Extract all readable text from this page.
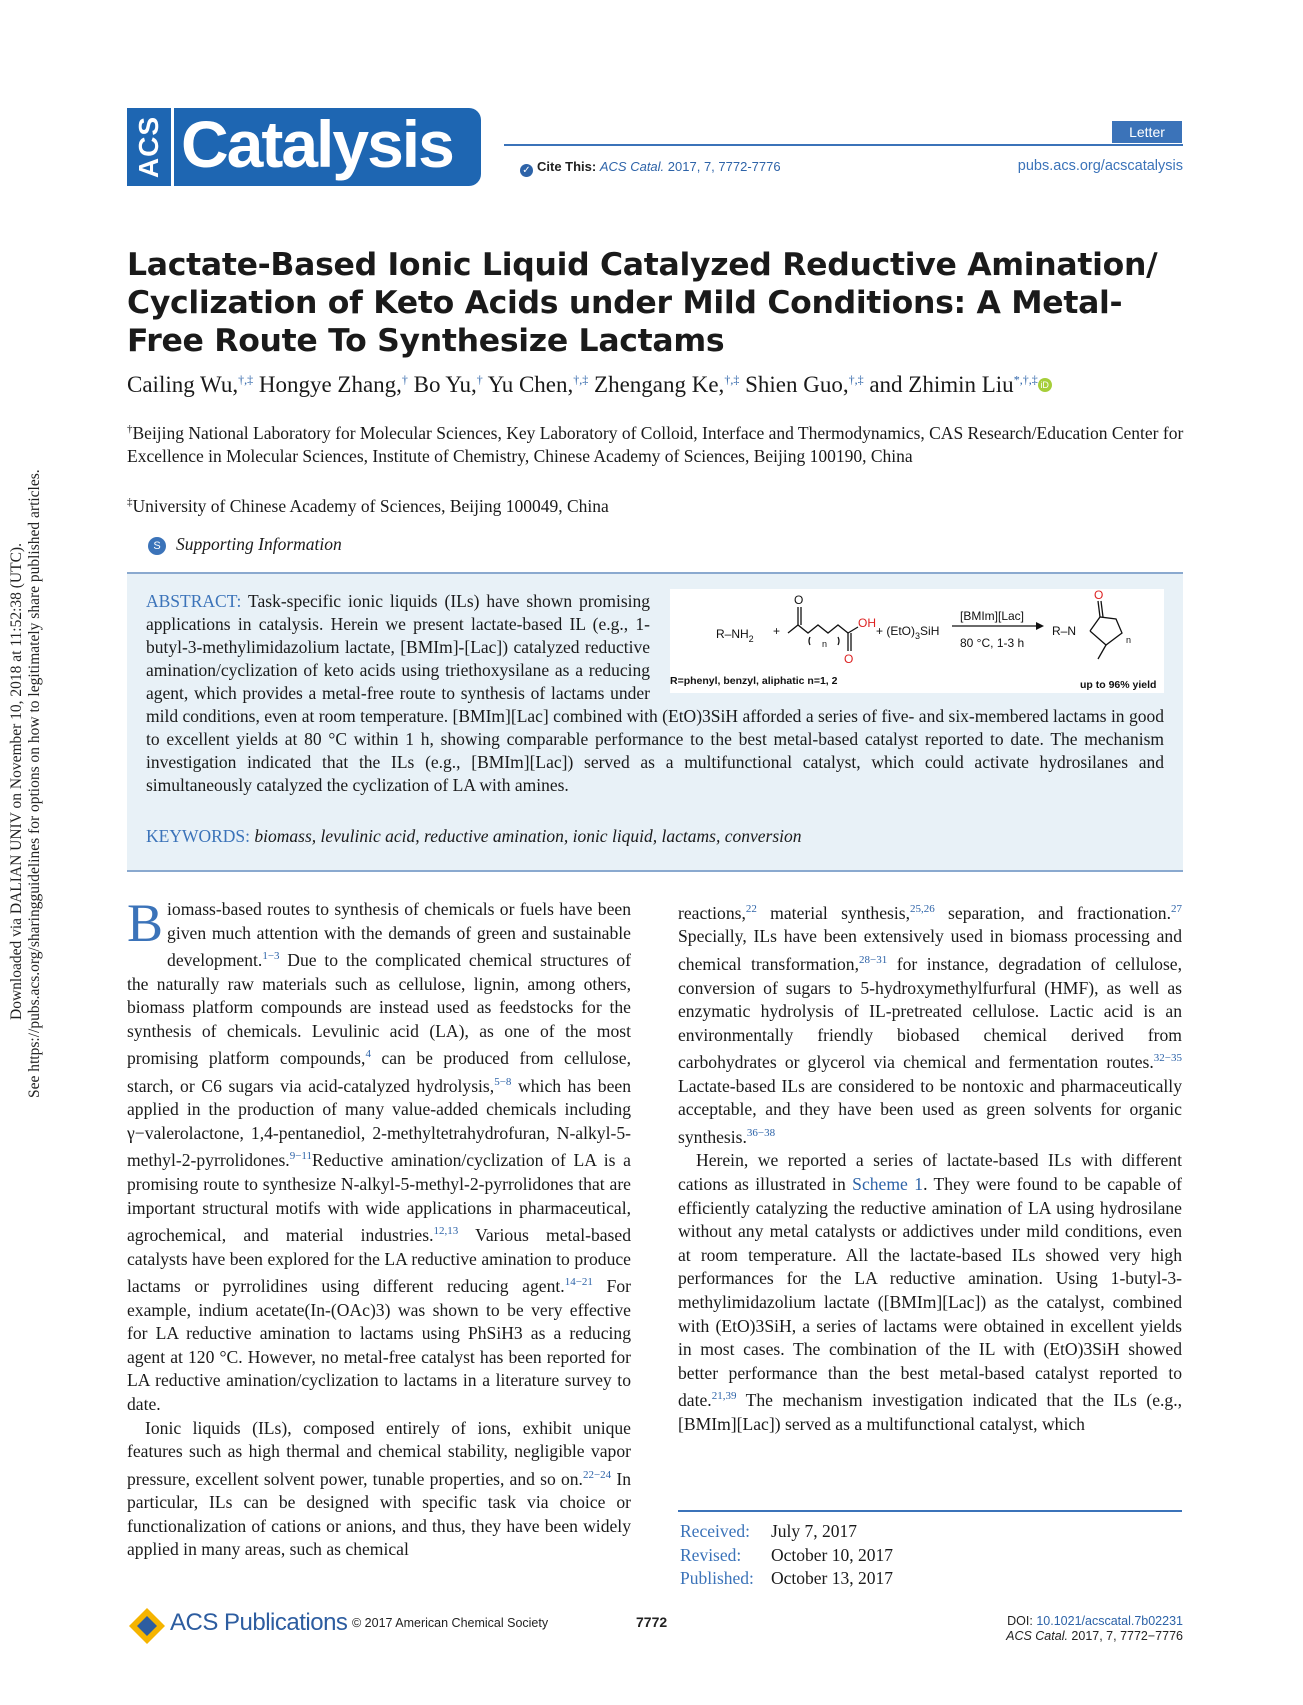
Downloaded via DALIAN UNIV on November 10, 2018 at 11:52:38 (UTC). See https://pubs.acs.org/sharingguidelines for options on how to legitimately share published articles.
ACS Catalysis	Letter
✓ Cite This: ACS Catal. 2017, 7, 7772-7776	pubs.acs.org/acscatalysis
Lactate-Based Ionic Liquid Catalyzed Reductive Amination/ Cyclization of Keto Acids under Mild Conditions: A Metal-Free Route To Synthesize Lactams
Cailing Wu,†,‡ Hongye Zhang,† Bo Yu,† Yu Chen,†,‡ Zhengang Ke,†,‡ Shien Guo,†,‡ and Zhimin Liu*,†,‡ iD
†Beijing National Laboratory for Molecular Sciences, Key Laboratory of Colloid, Interface and Thermodynamics, CAS Research/Education Center for Excellence in Molecular Sciences, Institute of Chemistry, Chinese Academy of Sciences, Beijing 100190, China
‡University of Chinese Academy of Sciences, Beijing 100049, China
S Supporting Information
ABSTRACT: Task-specific ionic liquids (ILs) have shown promising applications in catalysis. Herein we present lactate-based IL (e.g., 1-butyl-3-methylimidazolium lactate, [BMIm]-[Lac]) catalyzed reductive amination/cyclization of keto acids using triethoxysilane as a reducing agent, which provides a metal-free route to synthesis of lactams under mild conditions, even at room temperature. [BMIm][Lac] combined with (EtO)3SiH afforded a series of five- and six-membered lactams in good to excellent yields at 80 °C within 1 h, showing comparable performance to the best metal-based catalyst reported to date. The mechanism investigation indicated that the ILs (e.g., [BMIm][Lac]) served as a multifunctional catalyst, which could activate hydrosilanes and simultaneously catalyzed the cyclization of LA with amines.
KEYWORDS: biomass, levulinic acid, reductive amination, ionic liquid, lactams, conversion
$R-NH_2$
+
O
O
OH
n
+ $(EtO)_3SiH$
[BMIm][Lac]
80 °C, 1-3 h
R–N
O
n
R=phenyl, benzyl, aliphatic n=1, 2	up to 96% yield

Biomass-based routes to synthesis of chemicals or fuels have been given much attention with the demands of green and sustainable development.$^{1-3}$ Due to the complicated chemical structures of the naturally raw materials such as cellulose, lignin, among others, biomass platform compounds are instead used as feedstocks for the synthesis of chemicals. Levulinic acid (LA), as one of the most promising platform compounds,$^4$ can be produced from cellulose, starch, or C6 sugars via acid-catalyzed hydrolysis,$^{5-8}$ which has been applied in the production of many value-added chemicals including γ−valerolactone, 1,4-pentanediol, 2-methyltetrahydrofuran, N-alkyl-5-methyl-2-pyrrolidones.$^{9-11}$Reductive amination/cyclization of LA is a promising route to synthesize N-alkyl-5-methyl-2-pyrrolidones that are important structural motifs with wide applications in pharmaceutical, agrochemical, and material industries.$^{12,13}$ Various metal-based catalysts have been explored for the LA reductive amination to produce lactams or pyrrolidines using different reducing agent.$^{14-21}$ For example, indium acetate(In-(OAc)3) was shown to be very effective for LA reductive amination to lactams using PhSiH3 as a reducing agent at 120 °C. However, no metal-free catalyst has been reported for LA reductive amination/cyclization to lactams in a literature survey to date.

Ionic liquids (ILs), composed entirely of ions, exhibit unique features such as high thermal and chemical stability, negligible vapor pressure, excellent solvent power, tunable properties, and so on.$^{22-24}$ In particular, ILs can be designed with specific task via choice or functionalization of cations or anions, and thus, they have been widely applied in many areas, such as chemical

reactions,$^{22}$ material synthesis,$^{25,26}$ separation, and fractionation.$^{27}$ Specially, ILs have been extensively used in biomass processing and chemical transformation,$^{28-31}$ for instance, degradation of cellulose, conversion of sugars to 5-hydroxymethylfurfural (HMF), as well as enzymatic hydrolysis of IL-pretreated cellulose. Lactic acid is an environmentally friendly biobased chemical derived from carbohydrates or glycerol via chemical and fermentation routes.$^{32-35}$ Lactate-based ILs are considered to be nontoxic and pharmaceutically acceptable, and they have been used as green solvents for organic synthesis.$^{36-38}$

Herein, we reported a series of lactate-based ILs with different cations as illustrated in Scheme 1. They were found to be capable of efficiently catalyzing the reductive amination of LA using hydrosilane without any metal catalysts or addictives under mild conditions, even at room temperature. All the lactate-based ILs showed very high performances for the LA reductive amination. Using 1-butyl-3-methylimidazolium lactate ([BMIm][Lac]) as the catalyst, combined with (EtO)3SiH, a series of lactams were obtained in excellent yields in most cases. The combination of the IL with (EtO)3SiH showed better performance than the best metal-based catalyst reported to date.$^{21,39}$ The mechanism investigation indicated that the ILs (e.g., [BMIm][Lac]) served as a multifunctional catalyst, which

Received: July 7, 2017
Revised: October 10, 2017
Published: October 13, 2017
ACS Publications © 2017 American Chemical Society	7772	DOI: 10.1021/acscatal.7b02231
ACS Catal. 2017, 7, 7772−7776
